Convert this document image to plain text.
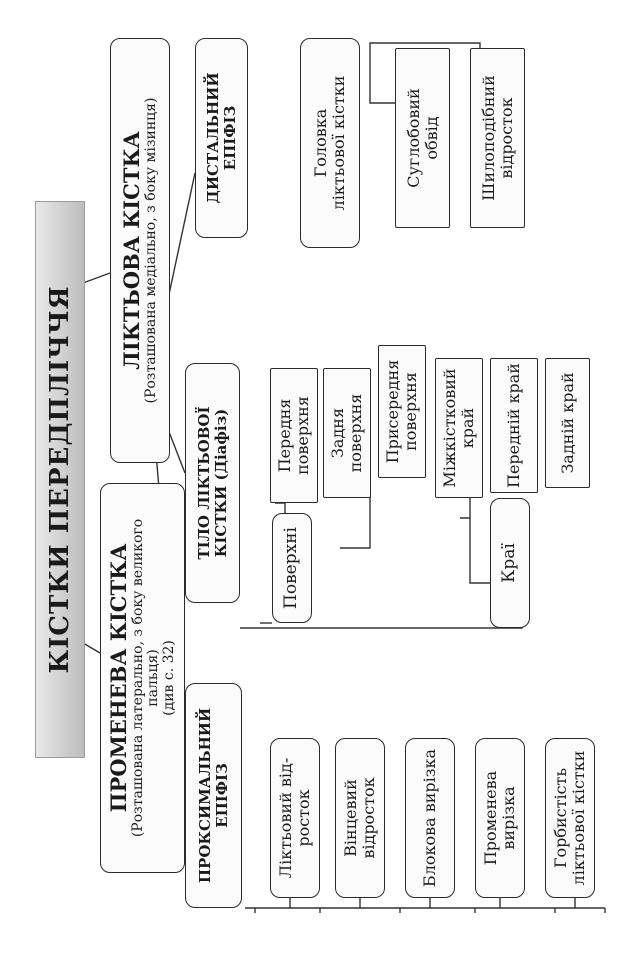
КІСТКИ ПЕРЕДПЛІЧЧЯ
ПРОМЕНЕВА КІСТКА
(Розташована латерально, з боку великого пальця) (див с. 32)
ЛІКТЬОВА КІСТКА
(Розташована медіально, з боку мізинця)
ПРОКСИМАЛЬНИЙ
ЕПІФІЗ	Ліктьовий від-
росток Вінцевий
відросток	Блокова вирізка	Променева
вирізка Горбистість
ліктьової кістки
ТІЛО ЛІКТЬОВОЇ
КІСТКИ (Діафіз)
Поверхні	Краї
Передня
поверхня Задня
поверхня Присередня
поверхня Міжкістковий
край Передній край Задній край
ДИСТАЛЬНИЙ
ЕПІФІЗ	Головка
ліктьової кістки	Суглобовий
обвід Шилоподібний
відросток
